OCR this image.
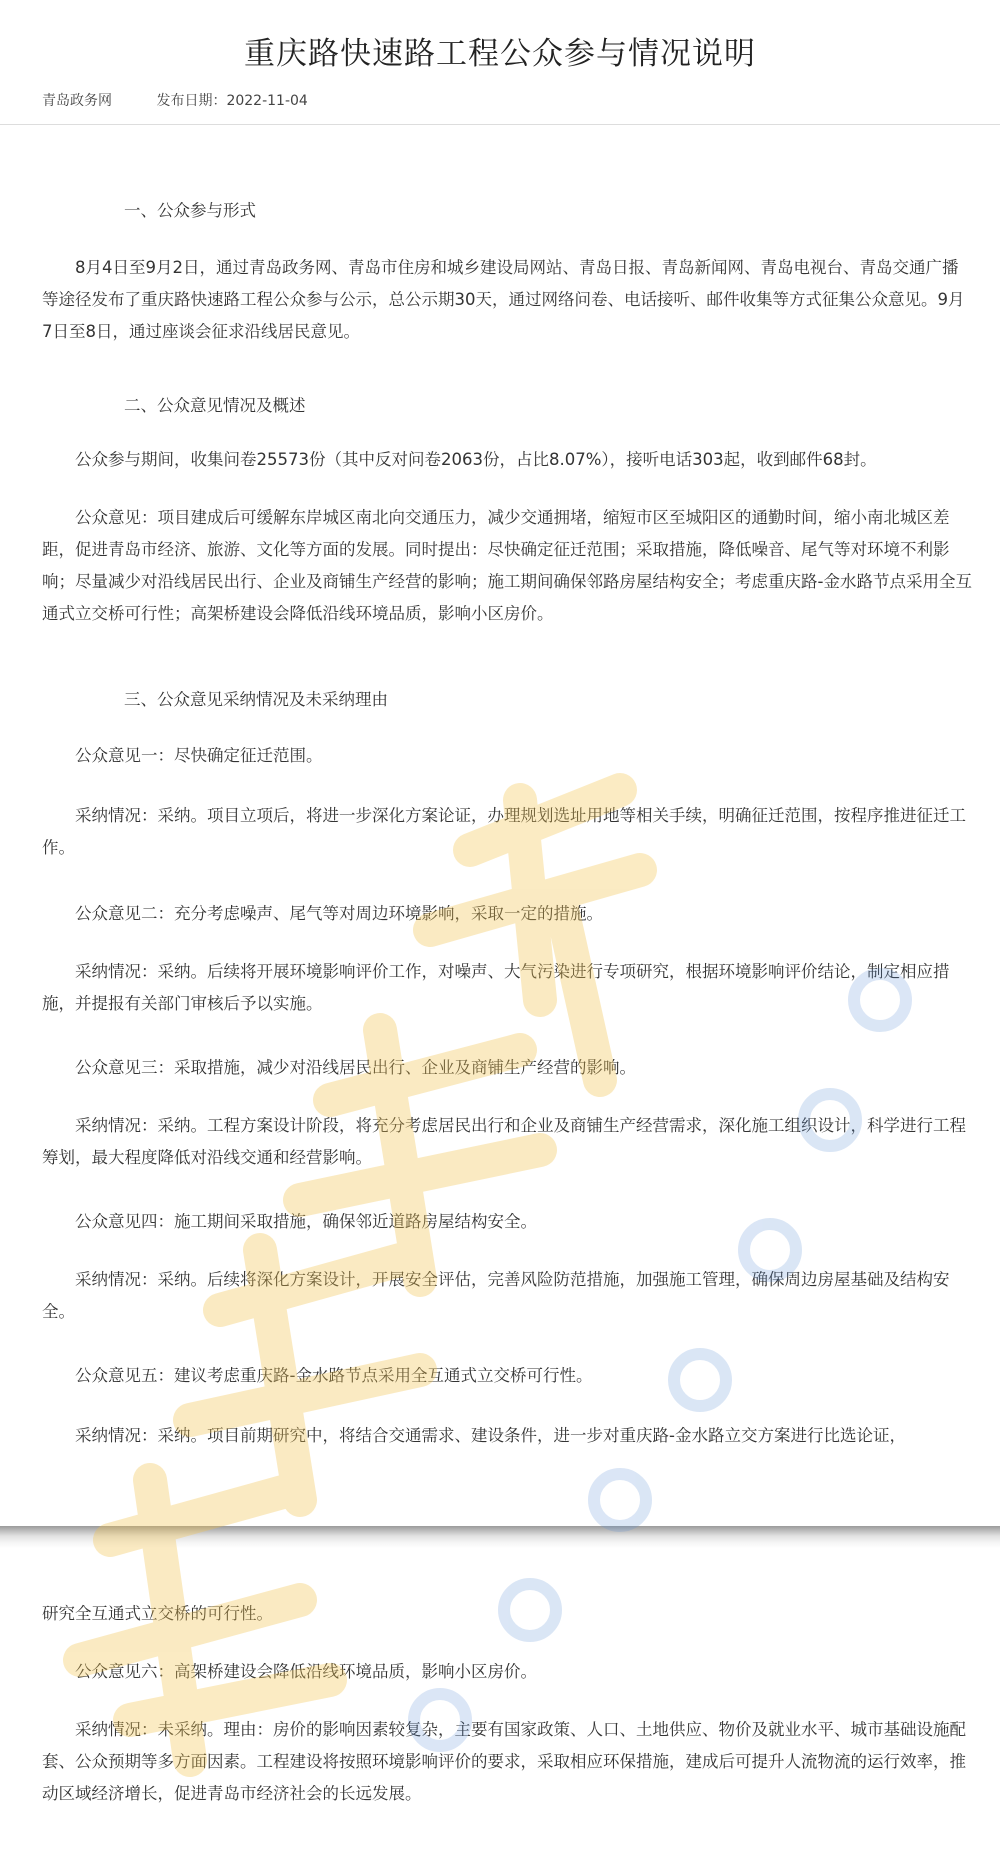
重庆路快速路工程公众参与情况说明
青岛政务网	发布日期：2022-11-04
一、公众参与形式
8月4日至9月2日，通过青岛政务网、青岛市住房和城乡建设局网站、青岛日报、青岛新闻网、青岛电视台、青岛交通广播等途径发布了重庆路快速路工程公众参与公示，总公示期30天，通过网络问卷、电话接听、邮件收集等方式征集公众意见。9月7日至8日，通过座谈会征求沿线居民意见。
二、公众意见情况及概述
公众参与期间，收集问卷25573份（其中反对问卷2063份，占比8.07%），接听电话303起，收到邮件68封。
公众意见：项目建成后可缓解东岸城区南北向交通压力，减少交通拥堵，缩短市区至城阳区的通勤时间，缩小南北城区差距，促进青岛市经济、旅游、文化等方面的发展。同时提出：尽快确定征迁范围；采取措施，降低噪音、尾气等对环境不利影响；尽量减少对沿线居民出行、企业及商铺生产经营的影响；施工期间确保邻路房屋结构安全；考虑重庆路-金水路节点采用全互通式立交桥可行性；高架桥建设会降低沿线环境品质，影响小区房价。
三、公众意见采纳情况及未采纳理由
公众意见一：尽快确定征迁范围。
采纳情况：采纳。项目立项后，将进一步深化方案论证，办理规划选址用地等相关手续，明确征迁范围，按程序推进征迁工作。
公众意见二：充分考虑噪声、尾气等对周边环境影响，采取一定的措施。
采纳情况：采纳。后续将开展环境影响评价工作，对噪声、大气污染进行专项研究，根据环境影响评价结论，制定相应措施，并提报有关部门审核后予以实施。
公众意见三：采取措施，减少对沿线居民出行、企业及商铺生产经营的影响。
采纳情况：采纳。工程方案设计阶段，将充分考虑居民出行和企业及商铺生产经营需求，深化施工组织设计，科学进行工程筹划，最大程度降低对沿线交通和经营影响。
公众意见四：施工期间采取措施，确保邻近道路房屋结构安全。
采纳情况：采纳。后续将深化方案设计，开展安全评估，完善风险防范措施，加强施工管理，确保周边房屋基础及结构安全。
公众意见五：建议考虑重庆路-金水路节点采用全互通式立交桥可行性。
采纳情况：采纳。项目前期研究中，将结合交通需求、建设条件，进一步对重庆路-金水路立交方案进行比选论证，
研究全互通式立交桥的可行性。
公众意见六：高架桥建设会降低沿线环境品质，影响小区房价。
采纳情况：未采纳。理由：房价的影响因素较复杂，主要有国家政策、人口、土地供应、物价及就业水平、城市基础设施配套、公众预期等多方面因素。工程建设将按照环境影响评价的要求，采取相应环保措施，建成后可提升人流物流的运行效率，推动区域经济增长，促进青岛市经济社会的长远发展。
